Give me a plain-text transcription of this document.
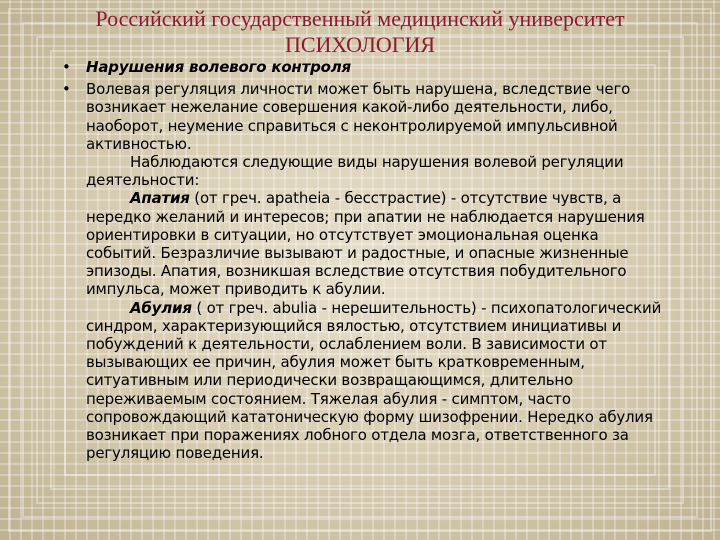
Российский государственный медицинский университет
ПСИХОЛОГИЯ
• Нарушения волевого контроля
• Волевая регуляция личности может быть нарушена, вследствие чего возникает нежелание совершения какой-либо деятельности, либо, наоборот, неумение справиться с неконтролируемой импульсивной активностью.
Наблюдаются следующие виды нарушения волевой регуляции деятельности:
Апатия (от греч. apatheia - бесстрастие) - отсутствие чувств, а нередко желаний и интересов; при апатии не наблюдается нарушения ориентировки в ситуации, но отсутствует эмоциональная оценка событий. Безразличие вызывают и радостные, и опасные жизненные эпизоды. Апатия, возникшая вследствие отсутствия побудительного импульса, может приводить к абулии.
Абулия ( от греч. abulia - нерешительность) - психопатологический синдром, характеризующийся вялостью, отсутствием инициативы и побуждений к деятельности, ослаблением воли. В зависимости от вызывающих ее причин, абулия может быть кратковременным, ситуативным или периодически возвращающимся, длительно переживаемым состоянием. Тяжелая абулия - симптом, часто сопровождающий кататоническую форму шизофрении. Нередко абулия возникает при поражениях лобного отдела мозга, ответственного за регуляцию поведения.
